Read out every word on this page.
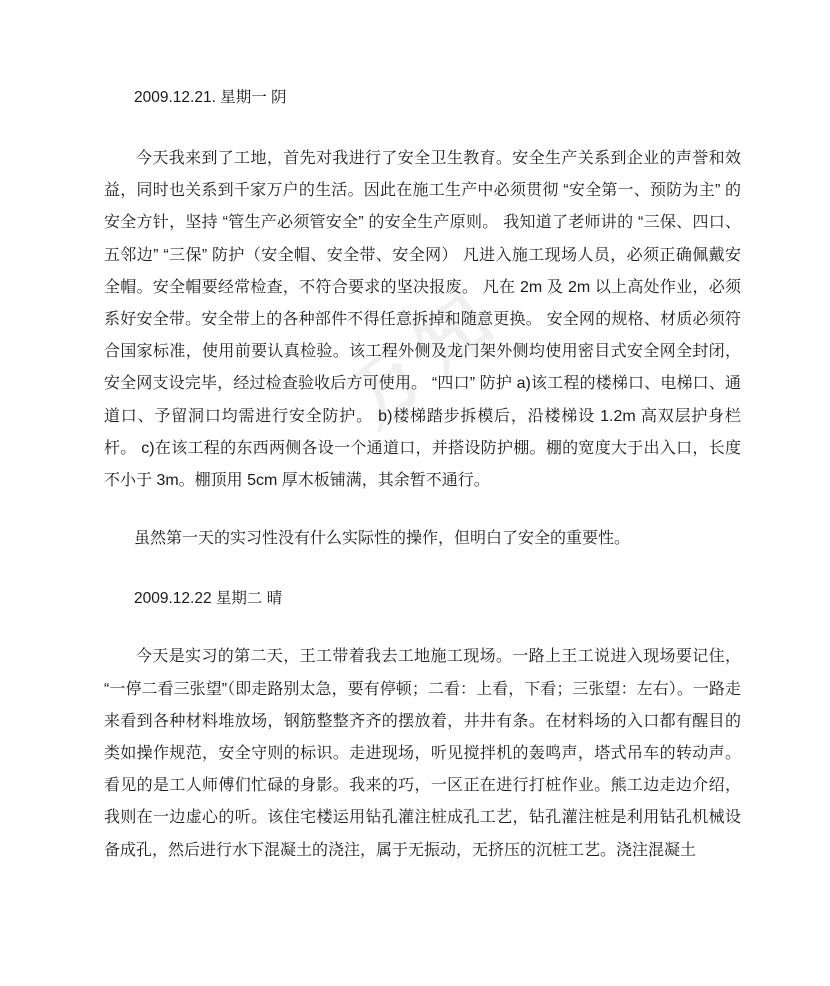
万知

2009.12.21. 星期一 阴

今天我来到了工地，首先对我进行了安全卫生教育。安全生产关系到企业的声誉和效益，同时也关系到千家万户的生活。因此在施工生产中必须贯彻 “安全第一、预防为主” 的安全方针，坚持 “管生产必须管安全” 的安全生产原则。 我知道了老师讲的 “三保、四口、五邻边” “三保” 防护（安全帽、安全带、安全网） 凡进入施工现场人员，必须正确佩戴安全帽。安全帽要经常检查，不符合要求的坚决报废。 凡在 2m 及 2m 以上高处作业，必须系好安全带。安全带上的各种部件不得任意拆掉和随意更换。 安全网的规格、材质必须符合国家标准，使用前要认真检验。该工程外侧及龙门架外侧均使用密目式安全网全封闭，安全网支设完毕，经过检查验收后方可使用。 “四口” 防护 a)该工程的楼梯口、电梯口、通道口、予留洞口均需进行安全防护。 b)楼梯踏步拆模后，沿楼梯设 1.2m 高双层护身栏杆。 c)在该工程的东西两侧各设一个通道口，并搭设防护棚。棚的宽度大于出入口，长度不小于 3m。棚顶用 5cm 厚木板铺满，其余暂不通行。

虽然第一天的实习性没有什么实际性的操作，但明白了安全的重要性。

2009.12.22 星期二 晴

今天是实习的第二天，王工带着我去工地施工现场。一路上王工说进入现场要记住，“一停二看三张望”（即走路别太急，要有停顿；二看：上看，下看；三张望：左右）。一路走来看到各种材料堆放场，钢筋整整齐齐的摆放着，井井有条。在材料场的入口都有醒目的类如操作规范，安全守则的标识。走进现场，听见搅拌机的轰鸣声，塔式吊车的转动声。看见的是工人师傅们忙碌的身影。我来的巧，一区正在进行打桩作业。熊工边走边介绍，我则在一边虚心的听。该住宅楼运用钻孔灌注桩成孔工艺，钻孔灌注桩是利用钻孔机械设备成孔，然后进行水下混凝土的浇注，属于无振动，无挤压的沉桩工艺。浇注混凝土
